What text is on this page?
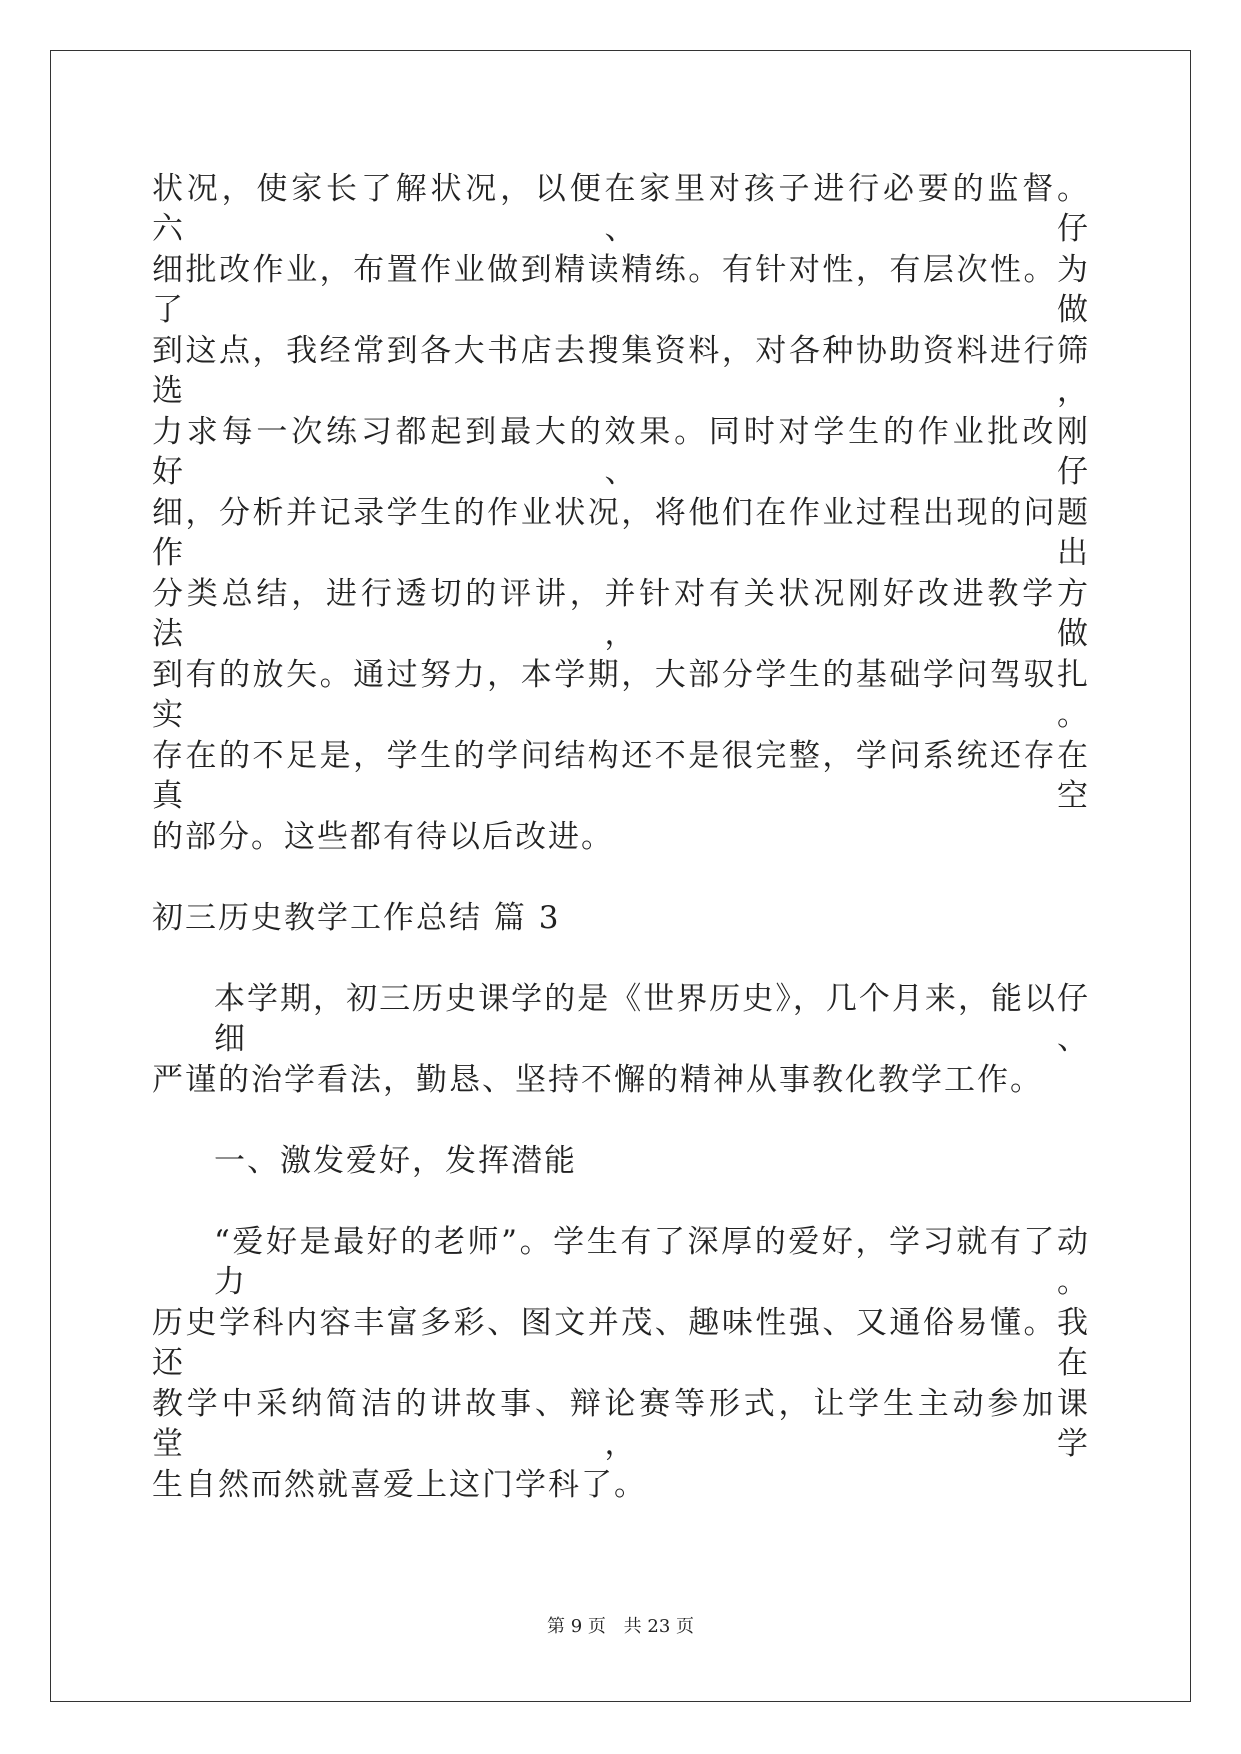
状况，使家长了解状况，以便在家里对孩子进行必要的监督。六、仔
细批改作业，布置作业做到精读精练。有针对性，有层次性。为了做
到这点，我经常到各大书店去搜集资料，对各种协助资料进行筛选，
力求每一次练习都起到最大的效果。同时对学生的作业批改刚好、仔
细，分析并记录学生的作业状况，将他们在作业过程出现的问题作出
分类总结，进行透切的评讲，并针对有关状况刚好改进教学方法，做
到有的放矢。通过努力，本学期，大部分学生的基础学问驾驭扎实。
存在的不足是，学生的学问结构还不是很完整，学问系统还存在真空
的部分。这些都有待以后改进。
初三历史教学工作总结 篇 3
本学期，初三历史课学的是《世界历史》，几个月来，能以仔细、
严谨的治学看法，勤恳、坚持不懈的精神从事教化教学工作。
一、激发爱好，发挥潜能
“爱好是最好的老师”。学生有了深厚的爱好，学习就有了动力。
历史学科内容丰富多彩、图文并茂、趣味性强、又通俗易懂。我还在
教学中采纳简洁的讲故事、辩论赛等形式，让学生主动参加课堂，学
生自然而然就喜爱上这门学科了。
第 9 页 共 23 页
